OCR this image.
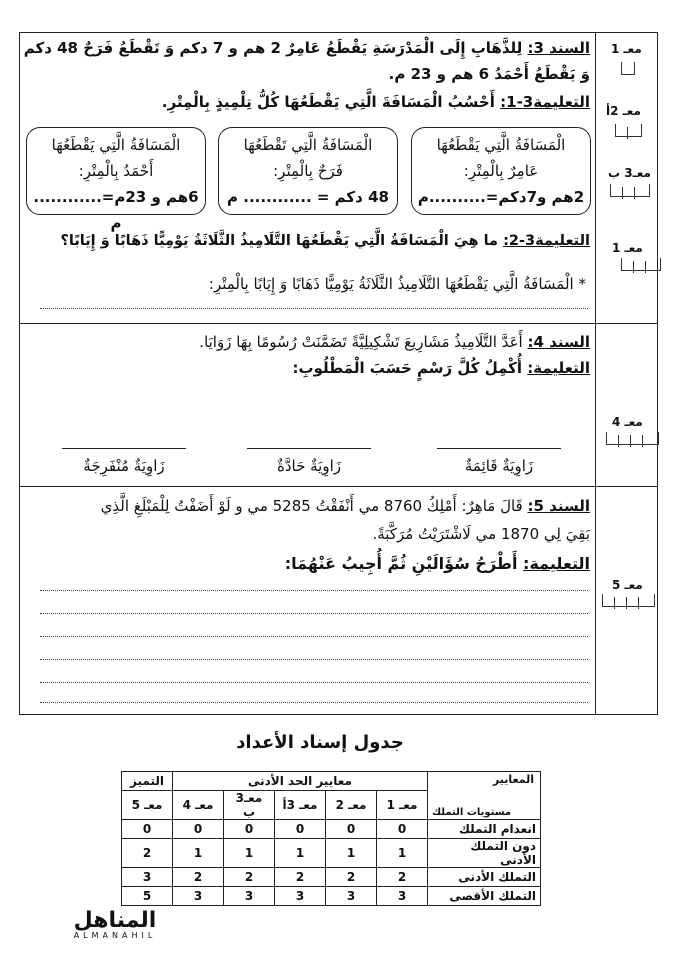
معـ 1
معـ 2أ
معـ3 ب
معـ 1
معـ 4
معـ 5
السند 3: لِلذَّهَابِ إِلَى الْمَدْرَسَةِ يَقْطَعُ عَامِرٌ 2 هم و 7 دكم وَ تَقْطَعُ فَرَحٌ 48 دكم
وَ يَقْطَعُ أَحْمَدُ 6 هم و 23 م.
التعليمة3-1: أَحْسُبُ الْمَسَافَةَ الَّتِي يَقْطَعُهَا كُلُّ تِلْمِيذٍ بِالْمِتْرِ.
الْمَسَافَةُ الَّتِي يَقْطَعُهَا
عَامِرٌ بِالْمِتْرِ:
2هم و7دكم=..........م
الْمَسَافَةُ الَّتِي تَقْطَعُهَا
فَرَحٌ بِالْمِتْرِ:
48 دكم = ............ م
الْمَسَافَةُ الَّتِي يَقْطَعُهَا
أَحْمَدُ بِالْمِتْرِ:
6هم و 23م=............ م
التعليمة3-2: ما هِيَ الْمَسَافَةُ الَّتِي يَقْطَعُهَا التَّلَامِيذُ الثَّلَاثَةُ يَوْمِيًّا ذَهَابًا وَ إِيَابًا؟
* الْمَسَافَةُ الَّتِي يَقْطَعُهَا التَّلَامِيذُ الثَّلَاثَةُ يَوْمِيًّا ذَهَابًا وَ إِيَابًا بِالْمِتْرِ:
السند 4: أَعَدَّ التَّلَامِيذُ مَشَارِيعَ تَشْكِيلِيَّةً تَضَمَّنَتْ رُسُومًا بِهَا زَوَايَا.
التعليمة: أُكْمِلُ كُلَّ رَسْمٍ حَسَبَ الْمَطْلُوبِ:
زَاوِيَةٌ قَائِمَةٌ
زَاوِيَةٌ حَادَّةٌ
زَاوِيَةٌ مُنْفَرِجَةٌ
السند 5: قَالَ مَاهِرٌ: أَمْلِكُ 8760 مي أَنْفَقْتُ 5285 مي و لَوْ أَضَفْتُ لِلْمَبْلَغِ الَّذِي
بَقِيَ لِي 1870 مي لَاشْتَرَيْتُ مُرَكَّبَةً.
التعليمة: أَطْرَحُ سُؤَالَيْنِ ثُمَّ أُجِيبُ عَنْهُمَا:
جدول إسناد الأعداد
المعايير
مستويات التملك	معايير الحد الأدنى					التميز
	معـ 1	معـ 2	معـ 3أ	معـ3 ب	معـ 4	معـ 5
انعدام التملك	0	0	0	0	0	0
دون التملك الأدنى	1	1	1	1	1	2
التملك الأدنى	2	2	2	2	2	3
التملك الأقصى	3	3	3	3	3	5
المناهل
ALMANAHIL
